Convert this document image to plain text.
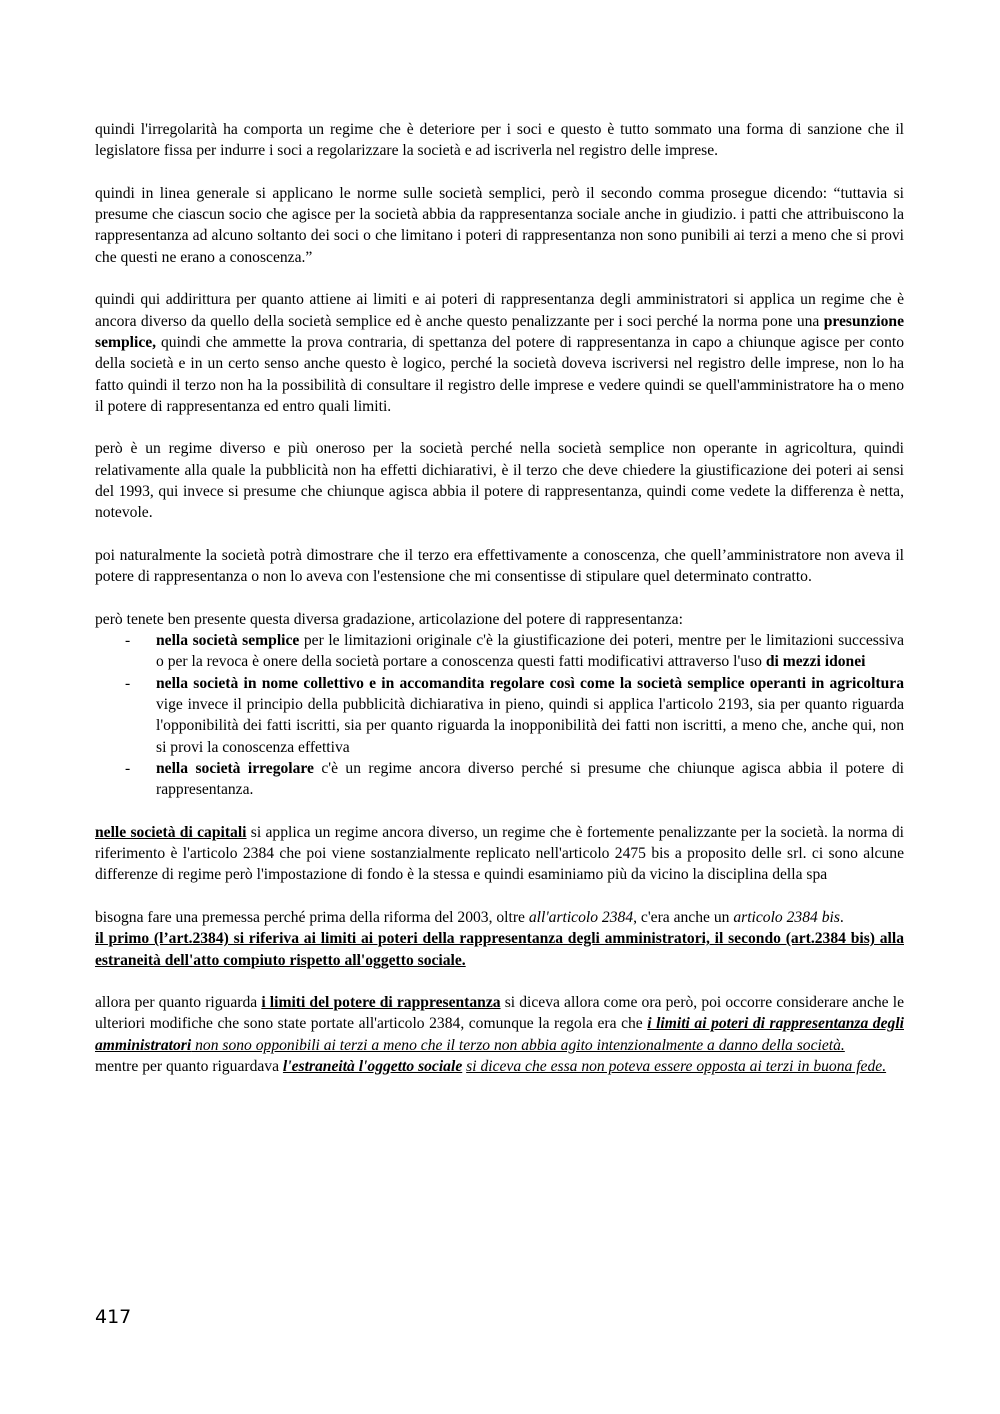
quindi l'irregolarità ha comporta un regime che è deteriore per i soci e questo è tutto sommato una forma di sanzione che il legislatore fissa per indurre i soci a regolarizzare la società e ad iscriverla nel registro delle imprese.

quindi in linea generale si applicano le norme sulle società semplici, però il secondo comma prosegue dicendo: “tuttavia si presume che ciascun socio che agisce per la società abbia da rappresentanza sociale anche in giudizio. i patti che attribuiscono la rappresentanza ad alcuno soltanto dei soci o che limitano i poteri di rappresentanza non sono punibili ai terzi a meno che si provi che questi ne erano a conoscenza.”

quindi qui addirittura per quanto attiene ai limiti e ai poteri di rappresentanza degli amministratori si applica un regime che è ancora diverso da quello della società semplice ed è anche questo penalizzante per i soci perché la norma pone una presunzione semplice, quindi che ammette la prova contraria, di spettanza del potere di rappresentanza in capo a chiunque agisce per conto della società e in un certo senso anche questo è logico, perché la società doveva iscriversi nel registro delle imprese, non lo ha fatto quindi il terzo non ha la possibilità di consultare il registro delle imprese e vedere quindi se quell'amministratore ha o meno il potere di rappresentanza ed entro quali limiti.

però è un regime diverso e più oneroso per la società perché nella società semplice non operante in agricoltura, quindi relativamente alla quale la pubblicità non ha effetti dichiarativi, è il terzo che deve chiedere la giustificazione dei poteri ai sensi del 1993, qui invece si presume che chiunque agisca abbia il potere di rappresentanza, quindi come vedete la differenza è netta, notevole.

poi naturalmente la società potrà dimostrare che il terzo era effettivamente a conoscenza, che quell’amministratore non aveva il potere di rappresentanza o non lo aveva con l'estensione che mi consentisse di stipulare quel determinato contratto.

però tenete ben presente questa diversa gradazione, articolazione del potere di rappresentanza:

- nella società semplice per le limitazioni originale c'è la giustificazione dei poteri, mentre per le limitazioni successiva o per la revoca è onere della società portare a conoscenza questi fatti modificativi attraverso l'uso di mezzi idonei
- nella società in nome collettivo e in accomandita regolare così come la società semplice operanti in agricoltura vige invece il principio della pubblicità dichiarativa in pieno, quindi si applica l'articolo 2193, sia per quanto riguarda l'opponibilità dei fatti iscritti, sia per quanto riguarda la inopponibilità dei fatti non iscritti, a meno che, anche qui, non si provi la conoscenza effettiva
- nella società irregolare c'è un regime ancora diverso perché si presume che chiunque agisca abbia il potere di rappresentanza.

nelle società di capitali si applica un regime ancora diverso, un regime che è fortemente penalizzante per la società. la norma di riferimento è l'articolo 2384 che poi viene sostanzialmente replicato nell'articolo 2475 bis a proposito delle srl. ci sono alcune differenze di regime però l'impostazione di fondo è la stessa e quindi esaminiamo più da vicino la disciplina della spa

bisogna fare una premessa perché prima della riforma del 2003, oltre all'articolo 2384, c'era anche un articolo 2384 bis.

il primo (l’art.2384) si riferiva ai limiti ai poteri della rappresentanza degli amministratori, il secondo (art.2384 bis) alla estraneità dell'atto compiuto rispetto all'oggetto sociale.

allora per quanto riguarda i limiti del potere di rappresentanza si diceva allora come ora però, poi occorre considerare anche le ulteriori modifiche che sono state portate all'articolo 2384, comunque la regola era che i limiti ai poteri di rappresentanza degli amministratori non sono opponibili ai terzi a meno che il terzo non abbia agito intenzionalmente a danno della società.

mentre per quanto riguardava l'estraneità l'oggetto sociale si diceva che essa non poteva essere opposta ai terzi in buona fede.

417
